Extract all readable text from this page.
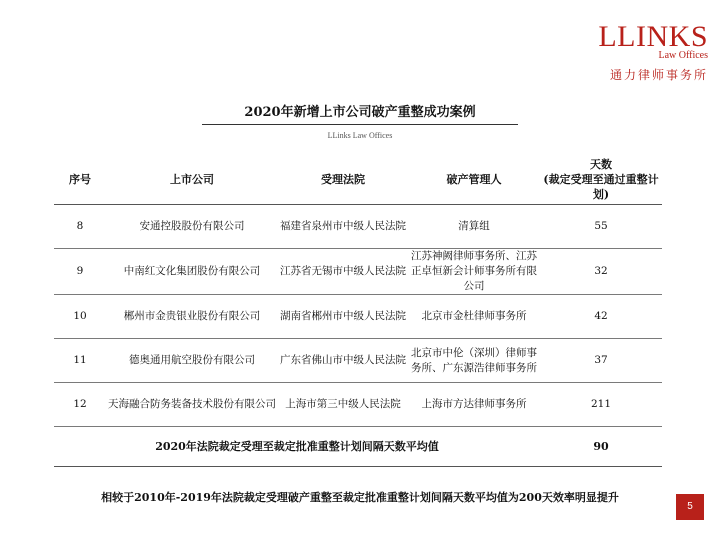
LLINKS
Law Offices
通力律师事务所
2020年新增上市公司破产重整成功案例
LLinks Law Offices
序号	上市公司	受理法院	破产管理人	天数
(裁定受理至通过重整计划)
8	安通控股股份有限公司	福建省泉州市中级人民法院	清算组	55
9	中南红文化集团股份有限公司	江苏省无锡市中级人民法院	江苏神阙律师事务所、江苏正卓恒新会计师事务所有限公司	32
10	郴州市金贵银业股份有限公司	湖南省郴州市中级人民法院	北京市金杜律师事务所	42
11	德奥通用航空股份有限公司	广东省佛山市中级人民法院	北京市中伦（深圳）律师事务所、广东源浩律师事务所	37
12	天海融合防务装备技术股份有限公司	上海市第三中级人民法院	上海市方达律师事务所	211
2020年法院裁定受理至裁定批准重整计划间隔天数平均值				90
相较于2010年-2019年法院裁定受理破产重整至裁定批准重整计划间隔天数平均值为200天效率明显提升
5
